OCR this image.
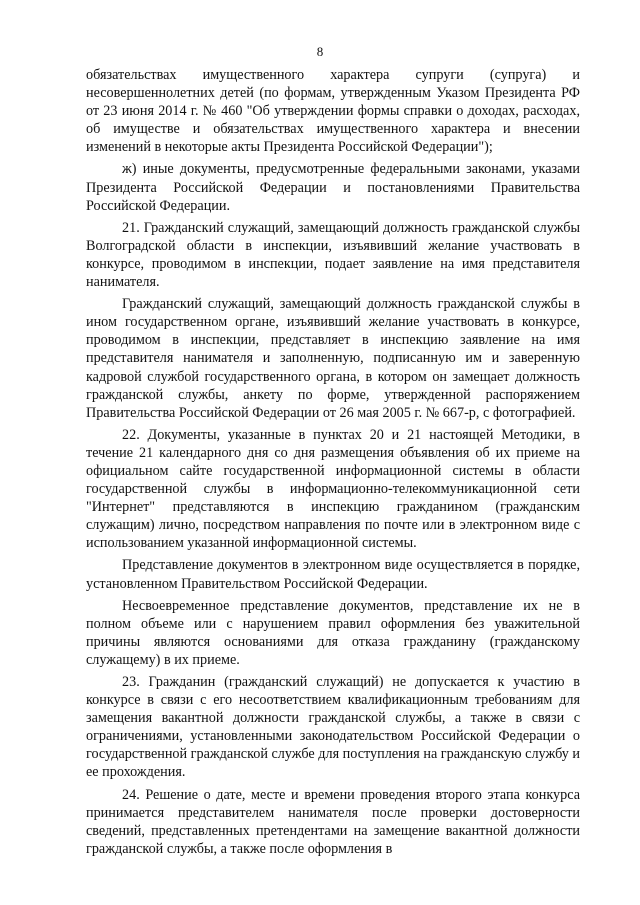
8

обязательствах имущественного характера супруги (супруга) и несовершеннолетних детей (по формам, утвержденным Указом Президента РФ от 23 июня 2014 г. № 460 "Об утверждении формы справки о доходах, расходах, об имуществе и обязательствах имущественного характера и внесении изменений в некоторые акты Президента Российской Федерации");

ж) иные документы, предусмотренные федеральными законами, указами Президента Российской Федерации и постановлениями Правительства Российской Федерации.

21. Гражданский служащий, замещающий должность гражданской службы Волгоградской области в инспекции, изъявивший желание участвовать в конкурсе, проводимом в инспекции, подает заявление на имя представителя нанимателя.

Гражданский служащий, замещающий должность гражданской службы в ином государственном органе, изъявивший желание участвовать в конкурсе, проводимом в инспекции, представляет в инспекцию заявление на имя представителя нанимателя и заполненную, подписанную им и заверенную кадровой службой государственного органа, в котором он замещает должность гражданской службы, анкету по форме, утвержденной распоряжением Правительства Российской Федерации от 26 мая 2005 г. № 667-р, с фотографией.

22. Документы, указанные в пунктах 20 и 21 настоящей Методики, в течение 21 календарного дня со дня размещения объявления об их приеме на официальном сайте государственной информационной системы в области государственной службы в информационно-телекоммуникационной сети "Интернет" представляются в инспекцию гражданином (гражданским служащим) лично, посредством направления по почте или в электронном виде с использованием указанной информационной системы.

Представление документов в электронном виде осуществляется в порядке, установленном Правительством Российской Федерации.

Несвоевременное представление документов, представление их не в полном объеме или с нарушением правил оформления без уважительной причины являются основаниями для отказа гражданину (гражданскому служащему) в их приеме.

23. Гражданин (гражданский служащий) не допускается к участию в конкурсе в связи с его несоответствием квалификационным требованиям для замещения вакантной должности гражданской службы, а также в связи с ограничениями, установленными законодательством Российской Федерации о государственной гражданской службе для поступления на гражданскую службу и ее прохождения.

24. Решение о дате, месте и времени проведения второго этапа конкурса принимается представителем нанимателя после проверки достоверности сведений, представленных претендентами на замещение вакантной должности гражданской службы, а также после оформления в
